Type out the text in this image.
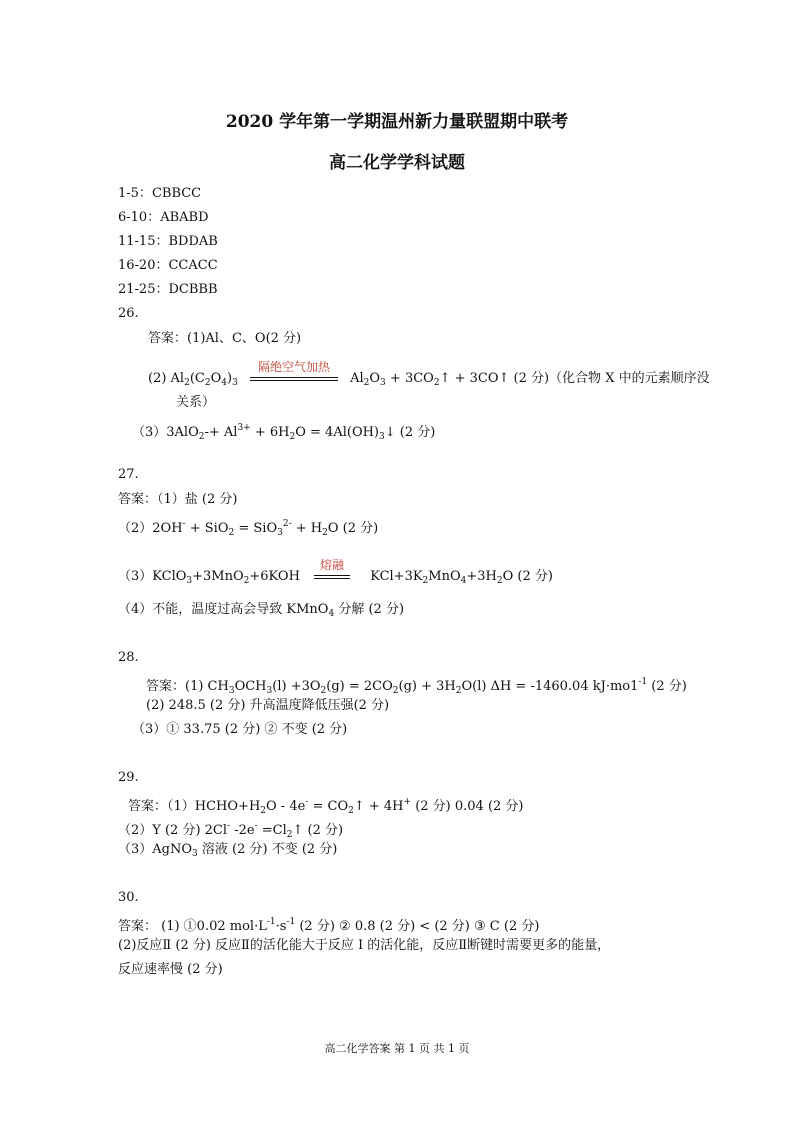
2020 学年第一学期温州新力量联盟期中联考
高二化学学科试题
1-5：CBBCC
6-10：ABABD
11-15：BDDAB
16-20：CCACC
21-25：DCBBB
26.
答案：(1)Al、C、O(2 分)
(2) $Al_2(C_2O_4)_3$
隔绝空气加热
$Al_2O_3$ + $3CO_2↑$ + 3CO↑ (2 分)（化合物 X 中的元素顺序没
关系）
$(3)3AlO_2-+ Al^{3+} + 6H_2O$ = $4Al(OH)_3↓$ (2 分)
27.
答案：（1）盐 (2 分)
$(2)2OH^- + SiO_2 = SiO_3^{2-} + H_2O$ (2 分)
（3）KClO$_3$+3MnO$_2$+6KOH
熔融
$KCl+3K_2MnO_4+3H_2O$ (2 分)
（4）不能，温度过高会导致 KMnO$_4$ 分解 (2 分)
28.
答案：(1) $CH_3OCH_3(l) +3O_2(g) = 2CO_2(g) + 3H_2O(l) \Delta H = -1460.04$ $kJ\cdot mo1^{-1}$ (2 分)
(2) 248.5 (2 分) 升高温度降低压强(2 分)
（3）① 33.75 (2 分) ② 不变 (2 分)
29.
答案：$(1)HCHO+H_2O - 4e^-$ = $CO_2↑ + 4H^+$ (2 分) 0.04 (2 分)
（2）Y (2 分) 2Cl- $-2e^- =Cl_2↑$ (2 分)
（3）AgNO$_3$ 溶液 (2 分) 不变 (2 分)
30.
答案： (1) ①0.02 $mol\cdot L^{-1}\cdot s^{-1}$ (2 分) ② 0.8 (2 分) < (2 分) ③ C (2 分)
(2)反应Ⅱ (2 分) 反应Ⅱ的活化能大于反应 I 的活化能，反应Ⅱ断键时需要更多的能量，
反应速率慢 (2 分)
高二化学答案 第 1 页 共 1 页
